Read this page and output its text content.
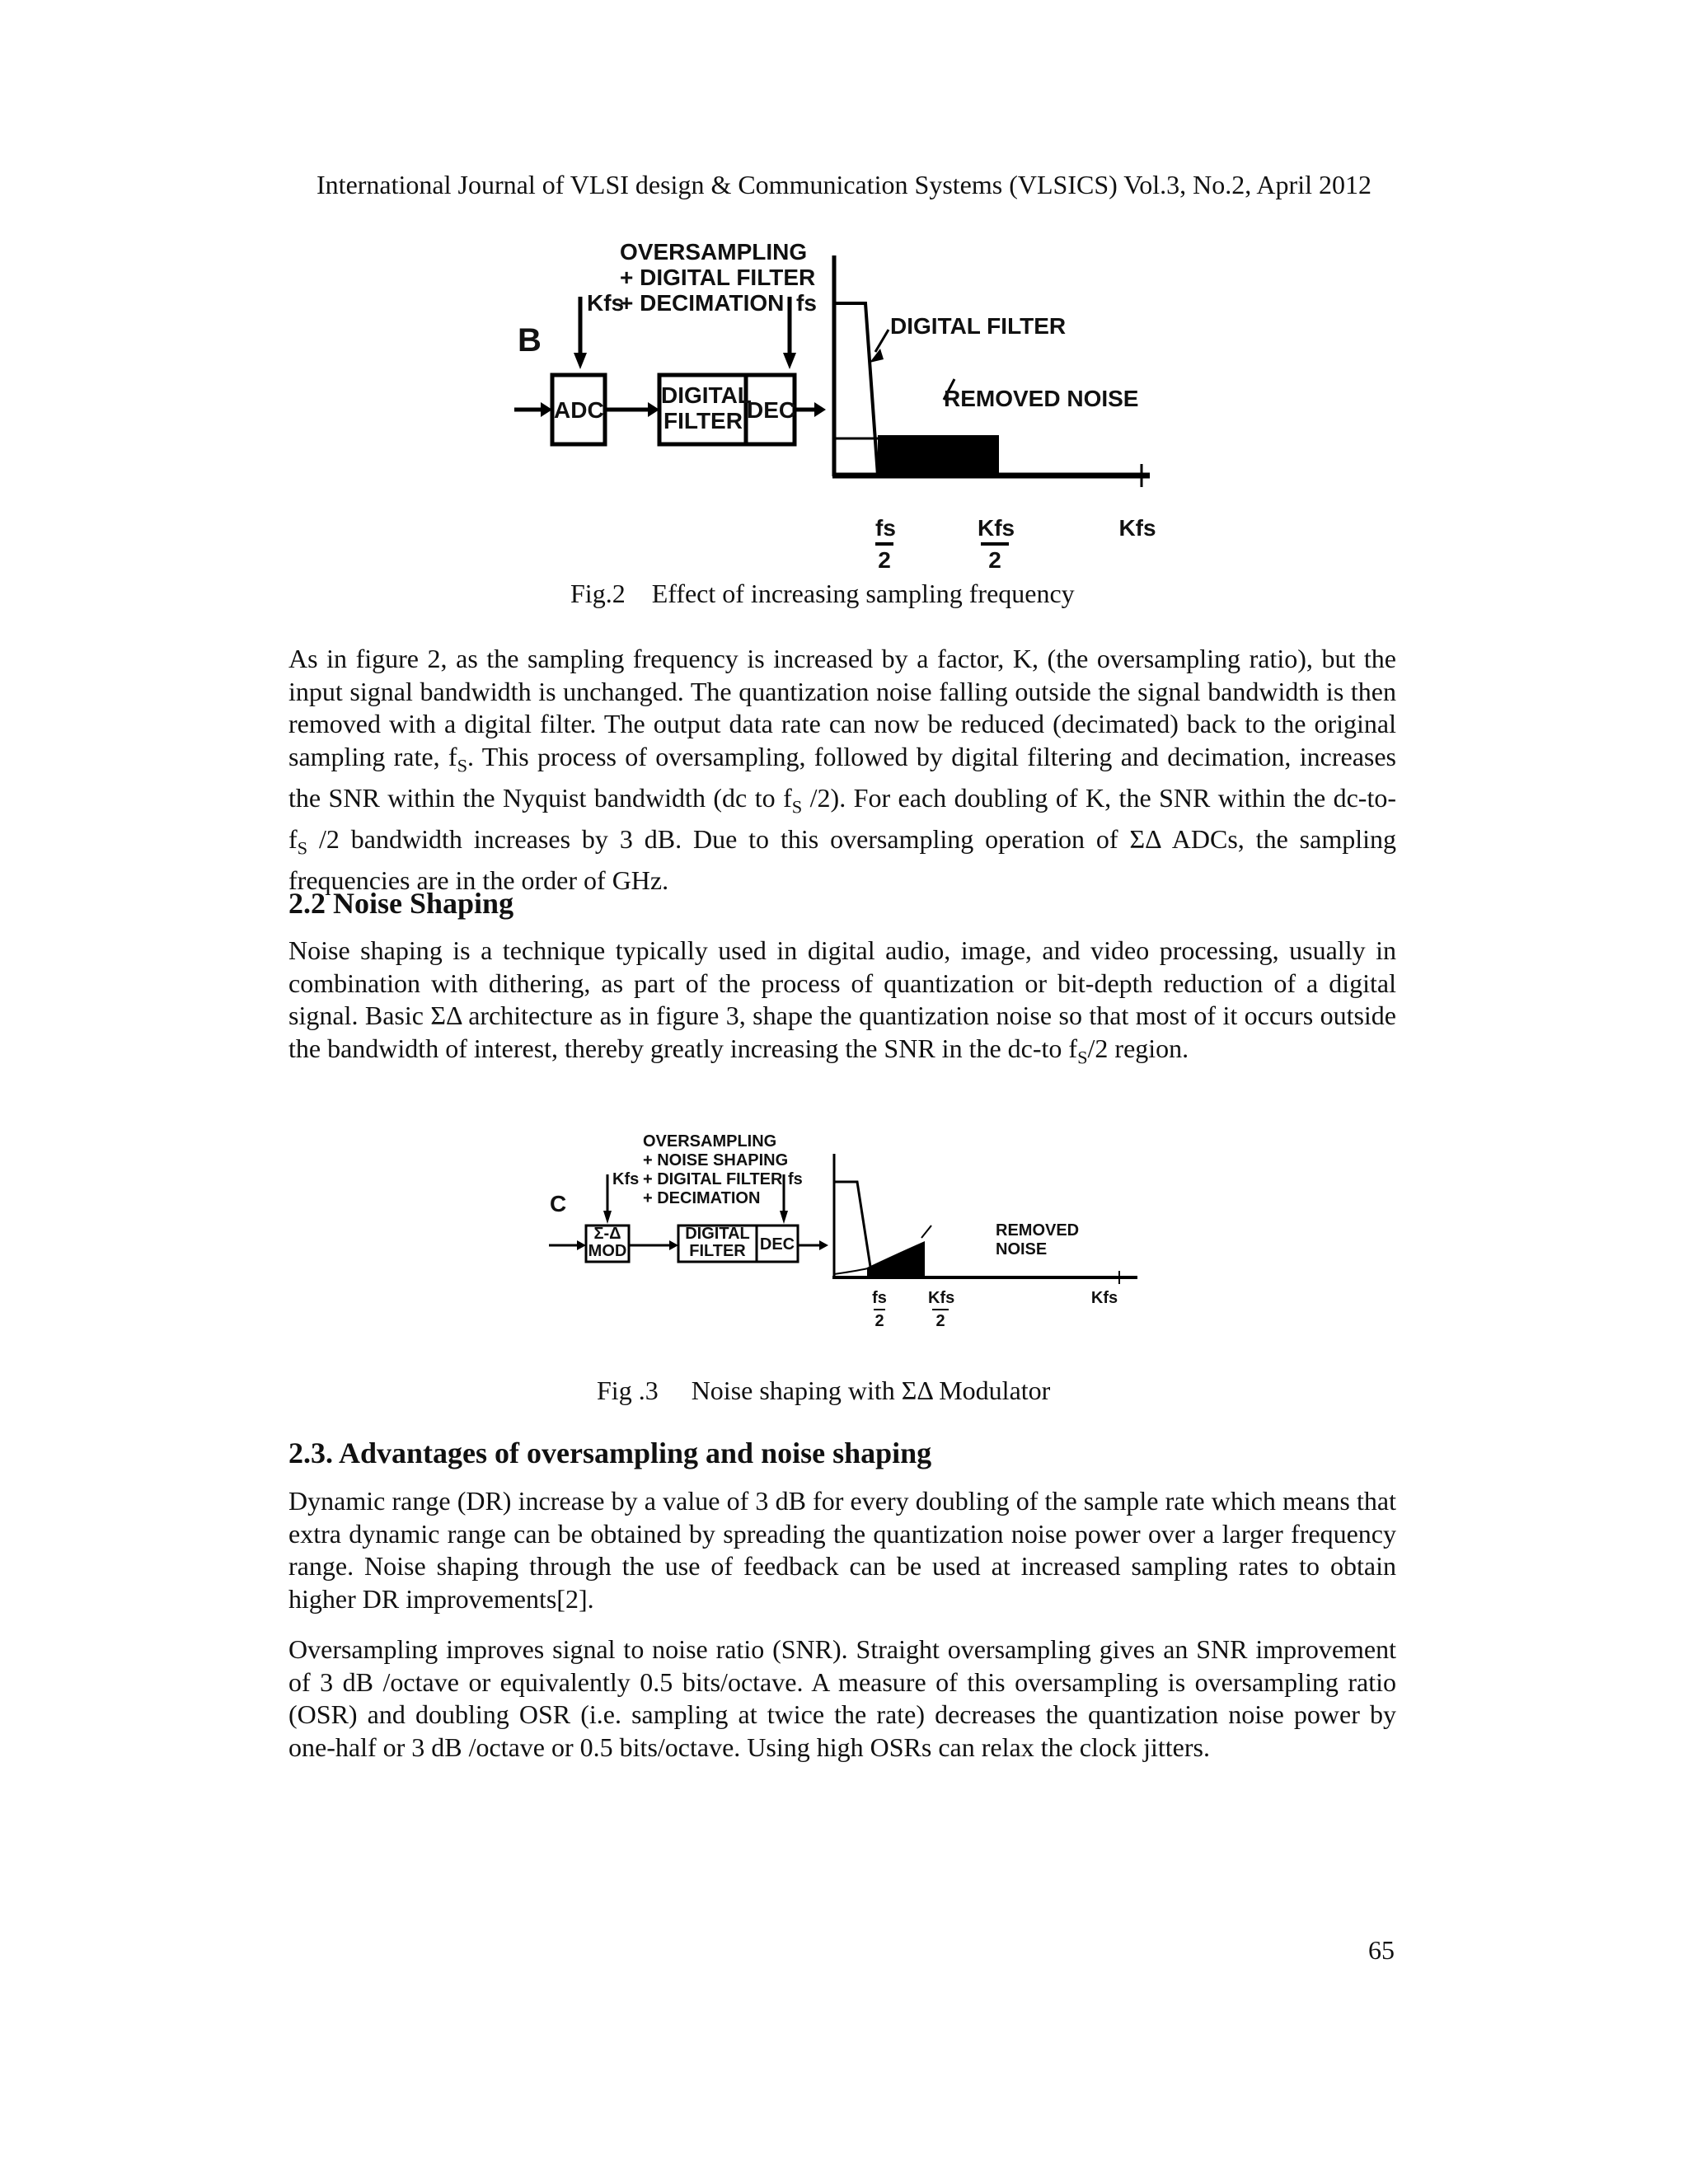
International Journal of VLSI design & Communication Systems (VLSICS) Vol.3, No.2, April 2012
B
OVERSAMPLING
+ DIGITAL FILTER
+ DECIMATION
Kfs	fs
ADC
DIGITAL
FILTER DEC
DIGITAL FILTER
REMOVED NOISE
fs
2
Kfs
2
Kfs
Fig.2    Effect of increasing sampling frequency
As in figure 2, as the sampling frequency is increased by a factor, K, (the oversampling ratio), but the input signal bandwidth is unchanged. The quantization noise falling outside the signal bandwidth is then removed with a digital filter. The output data rate can now be reduced (decimated) back to the original sampling rate, $f_S$. This process of oversampling, followed by digital filtering and decimation, increases the SNR within the Nyquist bandwidth (dc to $f_S$ /2). For each doubling of K, the SNR within the dc-to- $f_S$ /2 bandwidth increases by 3 dB. Due to this oversampling operation of ΣΔ ADCs, the sampling frequencies are in the order of GHz.
2.2 Noise Shaping
Noise shaping is a technique typically used in digital audio, image, and video processing, usually in combination with dithering, as part of the process of quantization or bit-depth reduction of a digital signal. Basic ΣΔ architecture as in figure 3, shape the quantization noise so that most of it occurs outside the bandwidth of interest, thereby greatly increasing the SNR in the dc-to $f_S/2$ region.
C
OVERSAMPLING
+ NOISE SHAPING
+ DIGITAL FILTER
+ DECIMATION
Kfs	fs
Σ-Δ
MOD
DIGITAL
FILTER DEC
REMOVED
NOISE
fs
2
Kfs
2
Kfs
Fig .3     Noise shaping with ΣΔ Modulator
2.3. Advantages of oversampling and noise shaping
Dynamic range (DR) increase by a value of 3 dB for every doubling of the sample rate which means that extra dynamic range can be obtained by spreading the quantization noise power over a larger frequency range. Noise shaping through the use of feedback can be used at increased sampling rates to obtain higher DR improvements[2].
Oversampling improves signal to noise ratio (SNR). Straight oversampling gives an SNR improvement of 3 dB /octave or equivalently 0.5 bits/octave. A measure of this oversampling is oversampling ratio (OSR) and doubling OSR (i.e. sampling at twice the rate) decreases the quantization noise power by one-half or 3 dB /octave or 0.5 bits/octave. Using high OSRs can relax the clock jitters.
65
